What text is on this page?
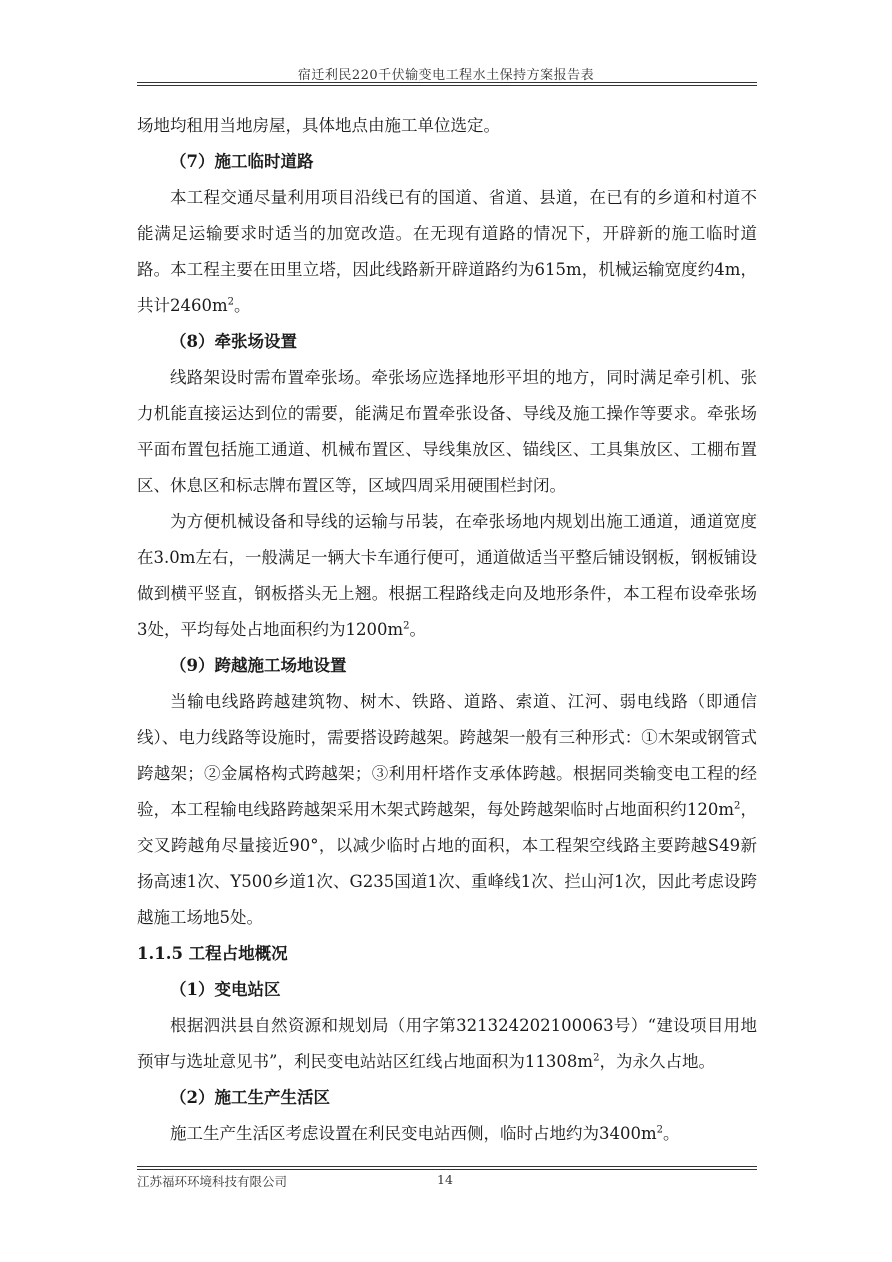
宿迁利民220千伏输变电工程水土保持方案报告表

场地均租用当地房屋，具体地点由施工单位选定。

（7）施工临时道路

本工程交通尽量利用项目沿线已有的国道、省道、县道，在已有的乡道和村道不能满足运输要求时适当的加宽改造。在无现有道路的情况下，开辟新的施工临时道路。本工程主要在田里立塔，因此线路新开辟道路约为615m，机械运输宽度约4m，共计$2460m^2$。

（8）牵张场设置

线路架设时需布置牵张场。牵张场应选择地形平坦的地方，同时满足牵引机、张力机能直接运达到位的需要，能满足布置牵张设备、导线及施工操作等要求。牵张场平面布置包括施工通道、机械布置区、导线集放区、锚线区、工具集放区、工棚布置区、休息区和标志牌布置区等，区域四周采用硬围栏封闭。

为方便机械设备和导线的运输与吊装，在牵张场地内规划出施工通道，通道宽度在3.0m左右，一般满足一辆大卡车通行便可，通道做适当平整后铺设钢板，钢板铺设做到横平竖直，钢板搭头无上翘。根据工程路线走向及地形条件，本工程布设牵张场3处，平均每处占地面积约为$1200m^2$。

（9）跨越施工场地设置

当输电线路跨越建筑物、树木、铁路、道路、索道、江河、弱电线路（即通信线）、电力线路等设施时，需要搭设跨越架。跨越架一般有三种形式：①木架或钢管式跨越架；②金属格构式跨越架；③利用杆塔作支承体跨越。根据同类输变电工程的经验，本工程输电线路跨越架采用木架式跨越架，每处跨越架临时占地面积约$120m^2$，交叉跨越角尽量接近90°，以减少临时占地的面积，本工程架空线路主要跨越S49新扬高速1次、Y500乡道1次、G235国道1次、重峰线1次、拦山河1次，因此考虑设跨越施工场地5处。

1.1.5 工程占地概况

（1）变电站区

根据泗洪县自然资源和规划局（用字第321324202100063号）“建设项目用地预审与选址意见书”，利民变电站站区红线占地面积为$11308m^2$，为永久占地。

（2）施工生产生活区

施工生产生活区考虑设置在利民变电站西侧，临时占地约为$3400m^2$。

江苏福环环境科技有限公司	14
